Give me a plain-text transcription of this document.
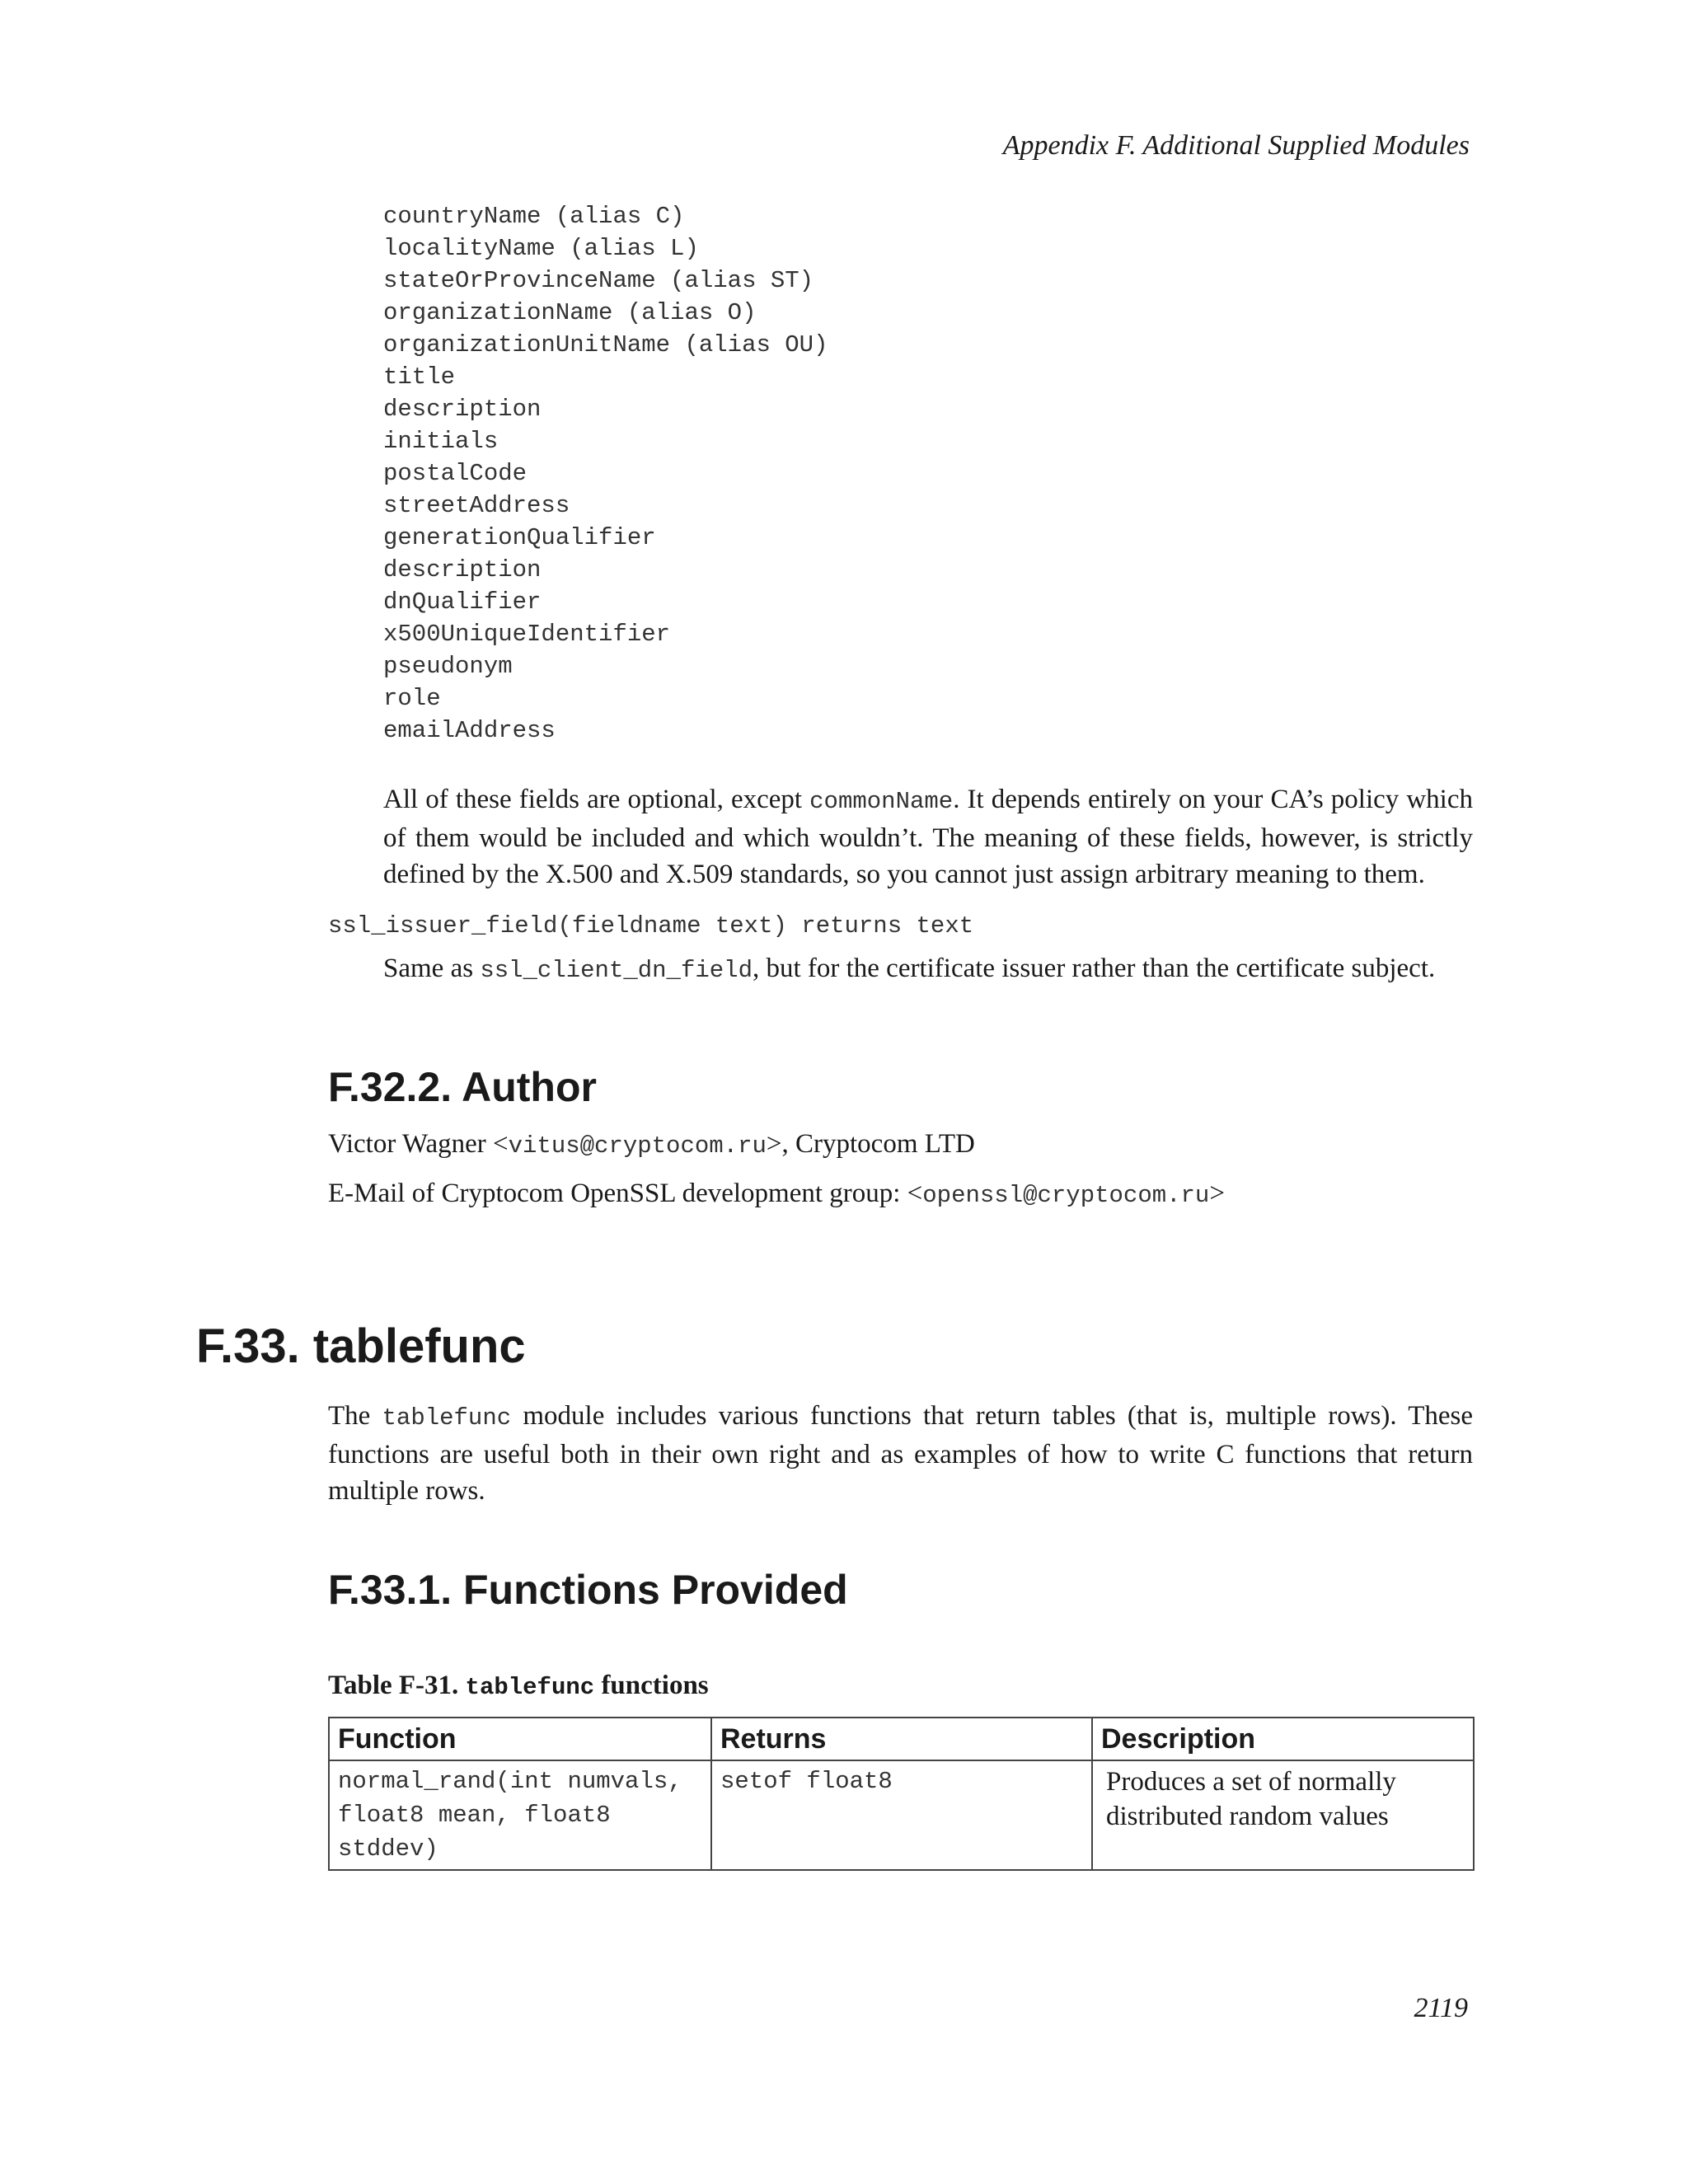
Appendix F. Additional Supplied Modules
countryName (alias C)
localityName (alias L)
stateOrProvinceName (alias ST)
organizationName (alias O)
organizationUnitName (alias OU)
title
description
initials
postalCode
streetAddress
generationQualifier
description
dnQualifier
x500UniqueIdentifier
pseudonym
role
emailAddress

All of these fields are optional, except commonName. It depends entirely on your CA’s policy which of them would be included and which wouldn’t. The meaning of these fields, however, is strictly defined by the X.500 and X.509 standards, so you cannot just assign arbitrary meaning to them.

ssl_issuer_field(fieldname text) returns text

Same as ssl_client_dn_field, but for the certificate issuer rather than the certificate subject.

F.32.2. Author
Victor Wagner <vitus@cryptocom.ru>, Cryptocom LTD
E-Mail of Cryptocom OpenSSL development group: <openssl@cryptocom.ru>
F.33. tablefunc

The tablefunc module includes various functions that return tables (that is, multiple rows). These functions are useful both in their own right and as examples of how to write C functions that return multiple rows.

F.33.1. Functions Provided
Table F-31. tablefunc functions
Function	Returns	Description
normal_rand(int numvals, float8 mean, float8 stddev)	setof float8	Produces a set of normally distributed random values
2119
